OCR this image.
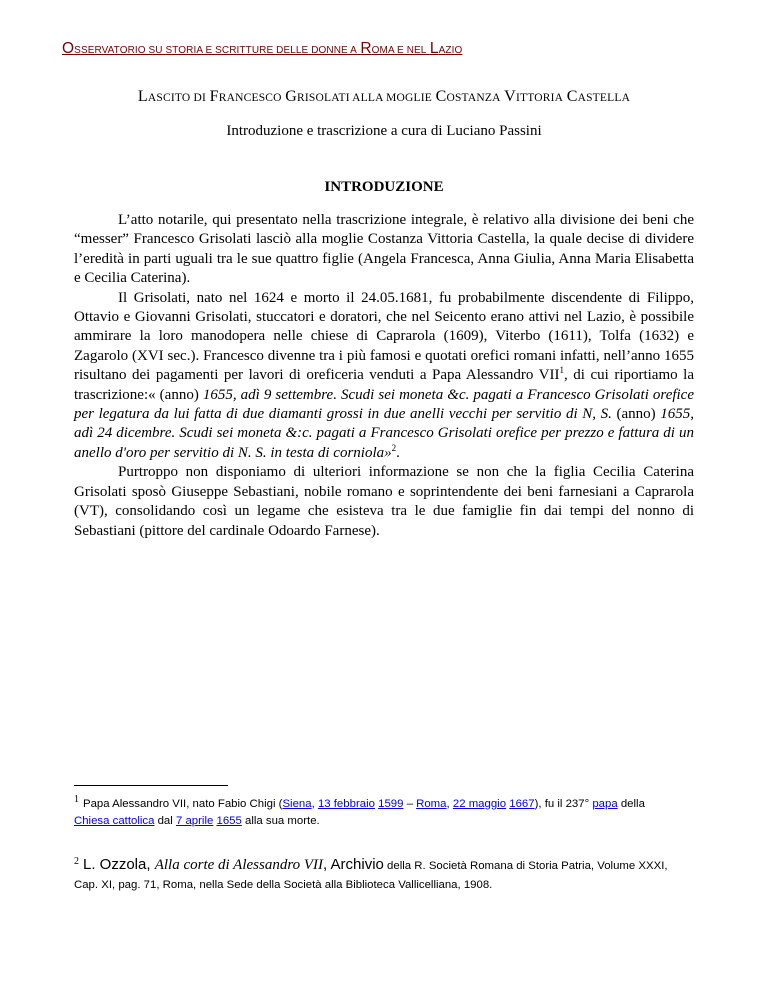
OSSERVATORIO SU STORIA E SCRITTURE DELLE DONNE A ROMA E NEL LAZIO
LASCITO DI FRANCESCO GRISOLATI ALLA MOGLIE COSTANZA VITTORIA CASTELLA
Introduzione e trascrizione a cura di Luciano Passini
INTRODUZIONE

L’atto notarile, qui presentato nella trascrizione integrale, è relativo alla divisione dei beni che “messer” Francesco Grisolati lasciò alla moglie Costanza Vittoria Castella, la quale decise di dividere l’eredità in parti uguali tra le sue quattro figlie (Angela Francesca, Anna Giulia, Anna Maria Elisabetta e Cecilia Caterina).

Il Grisolati, nato nel 1624 e morto il 24.05.1681, fu probabilmente discendente di Filippo, Ottavio e Giovanni Grisolati, stuccatori e doratori, che nel Seicento erano attivi nel Lazio, è possibile ammirare la loro manodopera nelle chiese di Caprarola (1609), Viterbo (1611), Tolfa (1632) e Zagarolo (XVI sec.). Francesco divenne tra i più famosi e quotati orefici romani infatti, nell’anno 1655 risultano dei pagamenti per lavori di oreficeria venduti a Papa Alessandro VII$^1$, di cui riportiamo la trascrizione:« (anno) 1655, adì 9 settembre. Scudi sei moneta &c. pagati a Francesco Grisolati orefice per legatura da lui fatta di due diamanti grossi in due anelli vecchi per servitio di N, S. (anno) 1655, adì 24 dicembre. Scudi sei moneta &:c. pagati a Francesco Grisolati orefice per prezzo e fattura di un anello d'oro per servitio di N. S. in testa di corniola»$^2$.

Purtroppo non disponiamo di ulteriori informazione se non che la figlia Cecilia Caterina Grisolati sposò Giuseppe Sebastiani, nobile romano e soprintendente dei beni farnesiani a Caprarola (VT), consolidando così un legame che esisteva tra le due famiglie fin dai tempi del nonno di Sebastiani (pittore del cardinale Odoardo Farnese).

1 Papa Alessandro VII, nato Fabio Chigi (Siena, 13 febbraio 1599 – Roma, 22 maggio 1667), fu il 237° papa della
Chiesa cattolica dal 7 aprile 1655 alla sua morte.
2 L. Ozzola, Alla corte di Alessandro VII, Archivio della R. Società Romana di Storia Patria, Volume XXXI,
Cap. XI, pag. 71, Roma, nella Sede della Società alla Biblioteca Vallicelliana, 1908.
